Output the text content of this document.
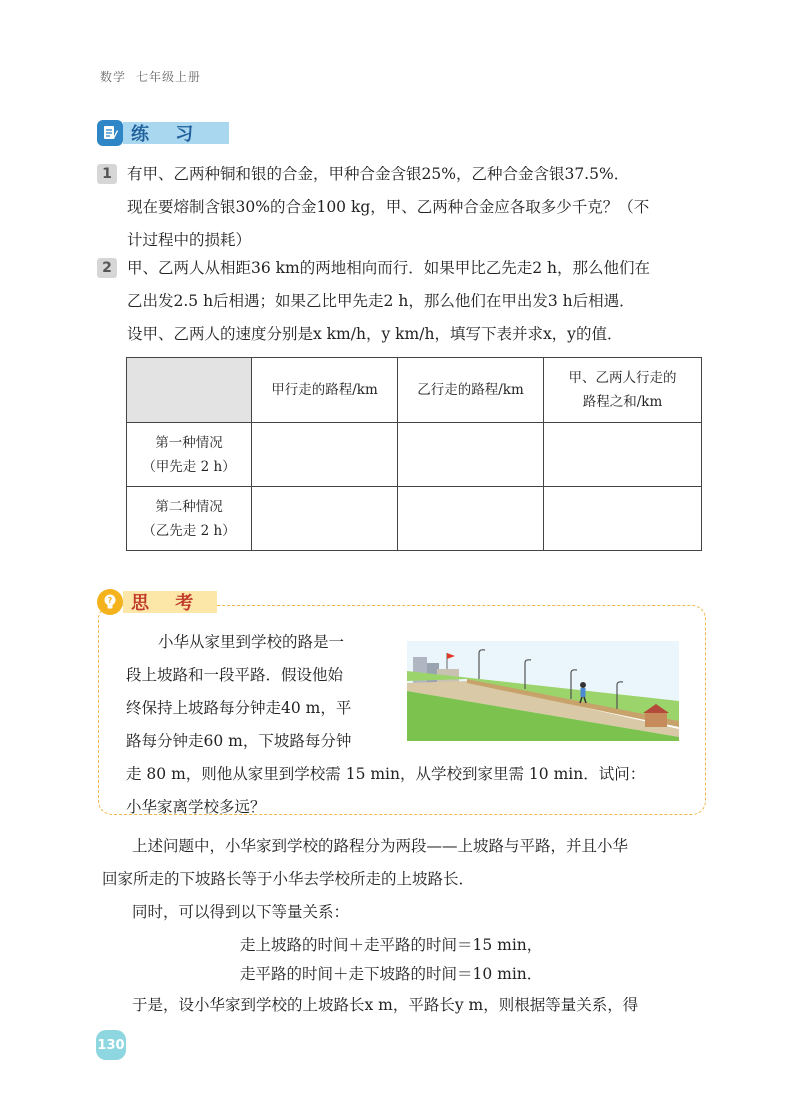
数学 七年级上册
练 习
1 有甲、乙两种铜和银的合金，甲种合金含银25%，乙种合金含银37.5%．
现在要熔制含银30%的合金100 kg，甲、乙两种合金应各取多少千克？（不
计过程中的损耗）
2 甲、乙两人从相距36 km的两地相向而行．如果甲比乙先走2 h，那么他们在
乙出发2.5 h后相遇；如果乙比甲先走2 h，那么他们在甲出发3 h后相遇．
设甲、乙两人的速度分别是x km/h，y km/h，填写下表并求x，y的值．
	甲行走的路程/km	乙行走的路程/km	甲、乙两人行走的
路程之和/km

第一种情况
（甲先走 2 h）			

第二种情况
（乙先走 2 h）			

?	思 考
小华从家里到学校的路是一
段上坡路和一段平路．假设他始
终保持上坡路每分钟走40 m，平
路每分钟走60 m，下坡路每分钟
走 80 m，则他从家里到学校需 15 min，从学校到家里需 10 min．试问：
小华家离学校多远？
上述问题中，小华家到学校的路程分为两段——上坡路与平路，并且小华
回家所走的下坡路长等于小华去学校所走的上坡路长．
同时，可以得到以下等量关系：
走上坡路的时间＋走平路的时间＝15 min，
走平路的时间＋走下坡路的时间＝10 min．
于是，设小华家到学校的上坡路长x m，平路长y m，则根据等量关系，得
130
